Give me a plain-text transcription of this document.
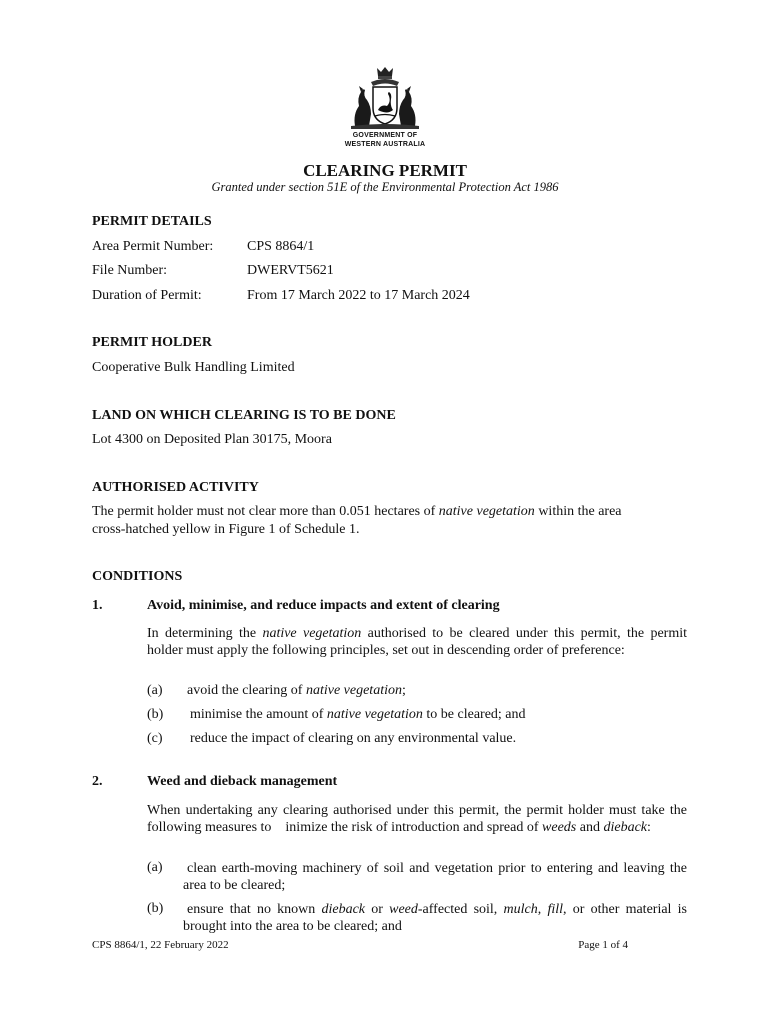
GOVERNMENT OF
WESTERN AUSTRALIA
CLEARING PERMIT
Granted under section 51E of the Environmental Protection Act 1986
PERMIT DETAILS
Area Permit Number: CPS 8864/1
File Number:	DWERVT5621
Duration of Permit:	From 17 March 2022 to 17 March 2024
PERMIT HOLDER
Cooperative Bulk Handling Limited
LAND ON WHICH CLEARING IS TO BE DONE
Lot 4300 on Deposited Plan 30175, Moora
AUTHORISED ACTIVITY
The permit holder must not clear more than 0.051 hectares of native vegetation within the area
cross-hatched yellow in Figure 1 of Schedule 1.
CONDITIONS
1.	Avoid, minimise, and reduce impacts and extent of clearing
In determining the native vegetation authorised to be cleared under this permit, the permit holder must apply the following principles, set out in descending order of preference:
(a) avoid the clearing of native vegetation;
(b) minimise the amount of native vegetation to be cleared; and
(c) reduce the impact of clearing on any environmental value.
2.	Weed and dieback management
When undertaking any clearing authorised under this permit, the permit holder must take the following measures to    inimize the risk of introduction and spread of weeds and dieback:
(a) clean earth-moving machinery of soil and vegetation prior to entering and leaving the area to be cleared;
(b) ensure that no known dieback or weed-affected soil, mulch, fill, or other material is brought into the area to be cleared; and
CPS 8864/1, 22 February 2022	Page 1 of 4
